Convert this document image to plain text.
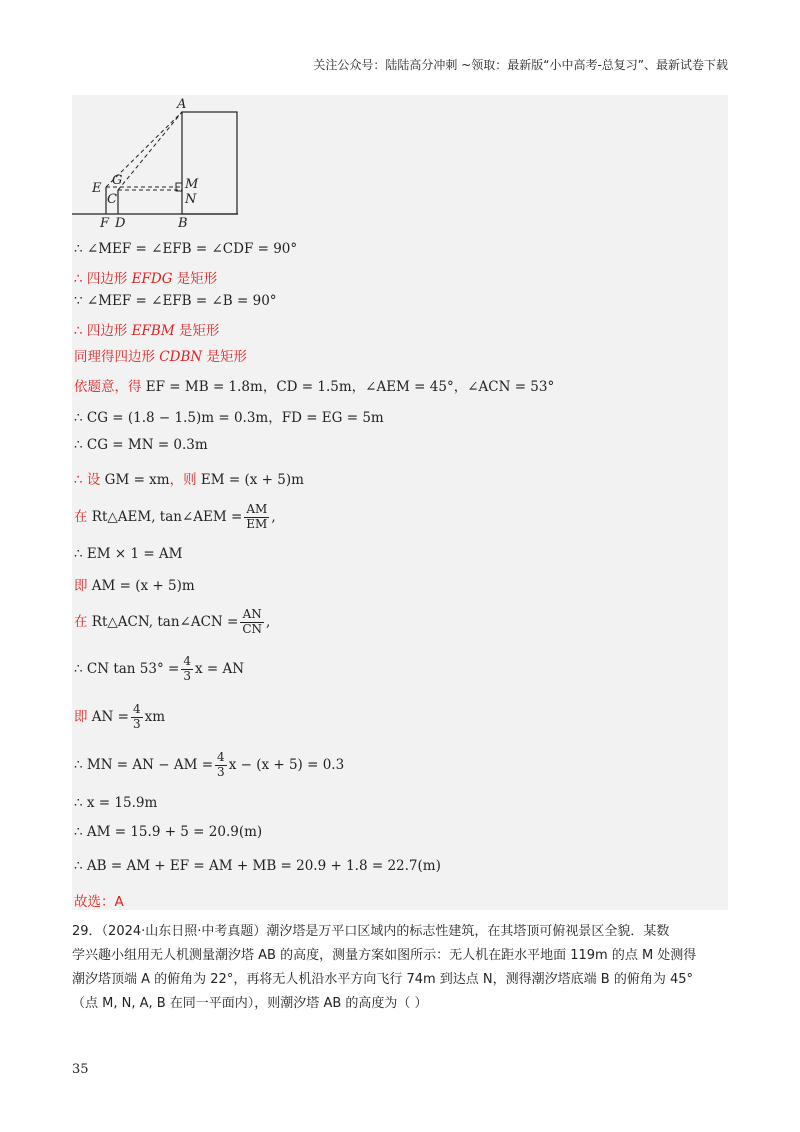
关注公众号：陆陆高分冲刺 ~领取：最新版“小中高考-总复习”、最新试卷下载
A
E
G
C
M
N
F D	B
∴ ∠MEF = ∠EFB = ∠CDF = 90°
∴ 四边形 EFDG 是矩形
∵ ∠MEF = ∠EFB = ∠B = 90°
∴ 四边形 EFBM 是矩形
同理得四边形 CDBN 是矩形
依题意，得 EF = MB = 1.8m，CD = 1.5m，∠AEM = 45°，∠ACN = 53°
∴ CG = (1.8 − 1.5)m = 0.3m，FD = EG = 5m
∴ CG = MN = 0.3m
∴ 设 GM = xm，则 EM = (x + 5)m
在 Rt△AEM, tan∠AEM = $\frac{AM}{EM}$ ,
∴ EM × 1 = AM
即 AM = (x + 5)m
在 Rt△ACN, tan∠ACN = $\frac{AN}{CN}$ ,
∴ CN $\tan 53^\circ = \frac{4}{3}$ x = AN
即 AN = $\frac{4}{3}$ xm
∴ MN = AN − AM = $\frac{4}{3}$ x − (x + 5) = 0.3
∴ x = 15.9m
∴ AM = 15.9 + 5 = 20.9(m)
∴ AB = AM + EF = AM + MB = 20.9 + 1.8 = 22.7(m)
故选：A
29．（2024·山东日照·中考真题）潮汐塔是万平口区域内的标志性建筑，在其塔顶可俯视景区全貌．某数
学兴趣小组用无人机测量潮汐塔 AB 的高度，测量方案如图所示：无人机在距水平地面 119m 的点 M 处测得
潮汐塔顶端 A 的俯角为 22°，再将无人机沿水平方向飞行 74m 到达点 N，测得潮汐塔底端 B 的俯角为 45°
（点 M, N, A, B 在同一平面内），则潮汐塔 AB 的高度为（ ）
35
